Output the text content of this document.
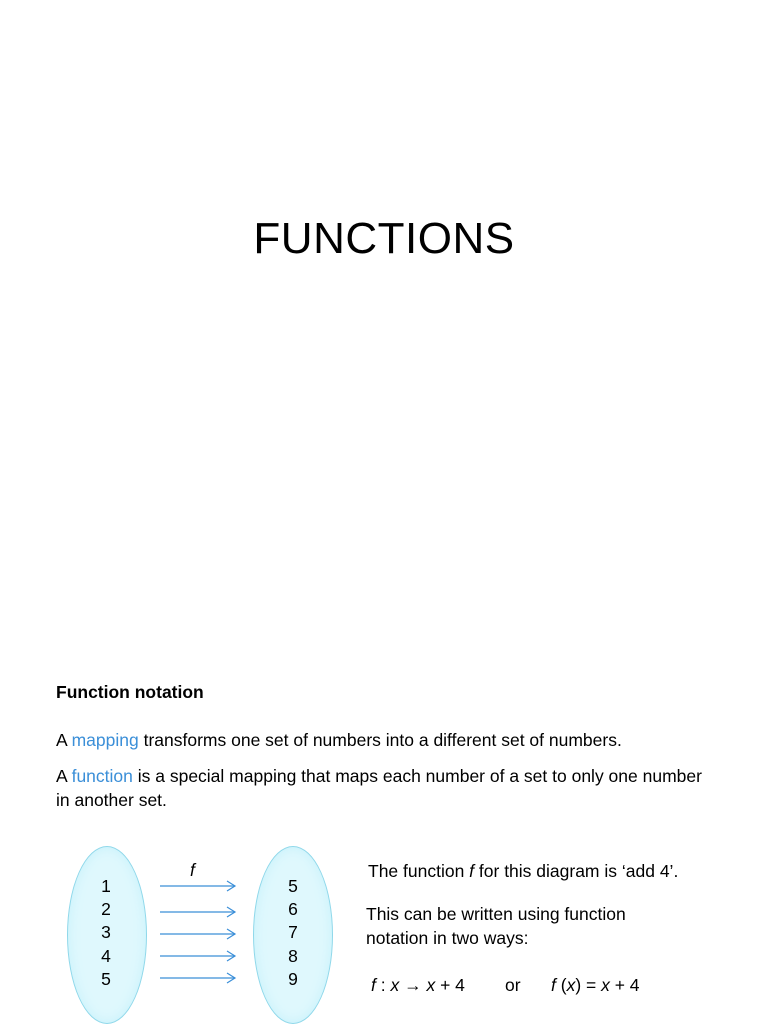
FUNCTIONS
Function notation
A mapping transforms one set of numbers into a different set of numbers.
A function is a special mapping that maps each number of a set to only one number in another set.
1
2
3
4
5
5
6
7
8
9
f	The function f for this diagram is ‘add 4’.
This can be written using function notation in two ways:
f : x → x + 4 or f (x) = x + 4
